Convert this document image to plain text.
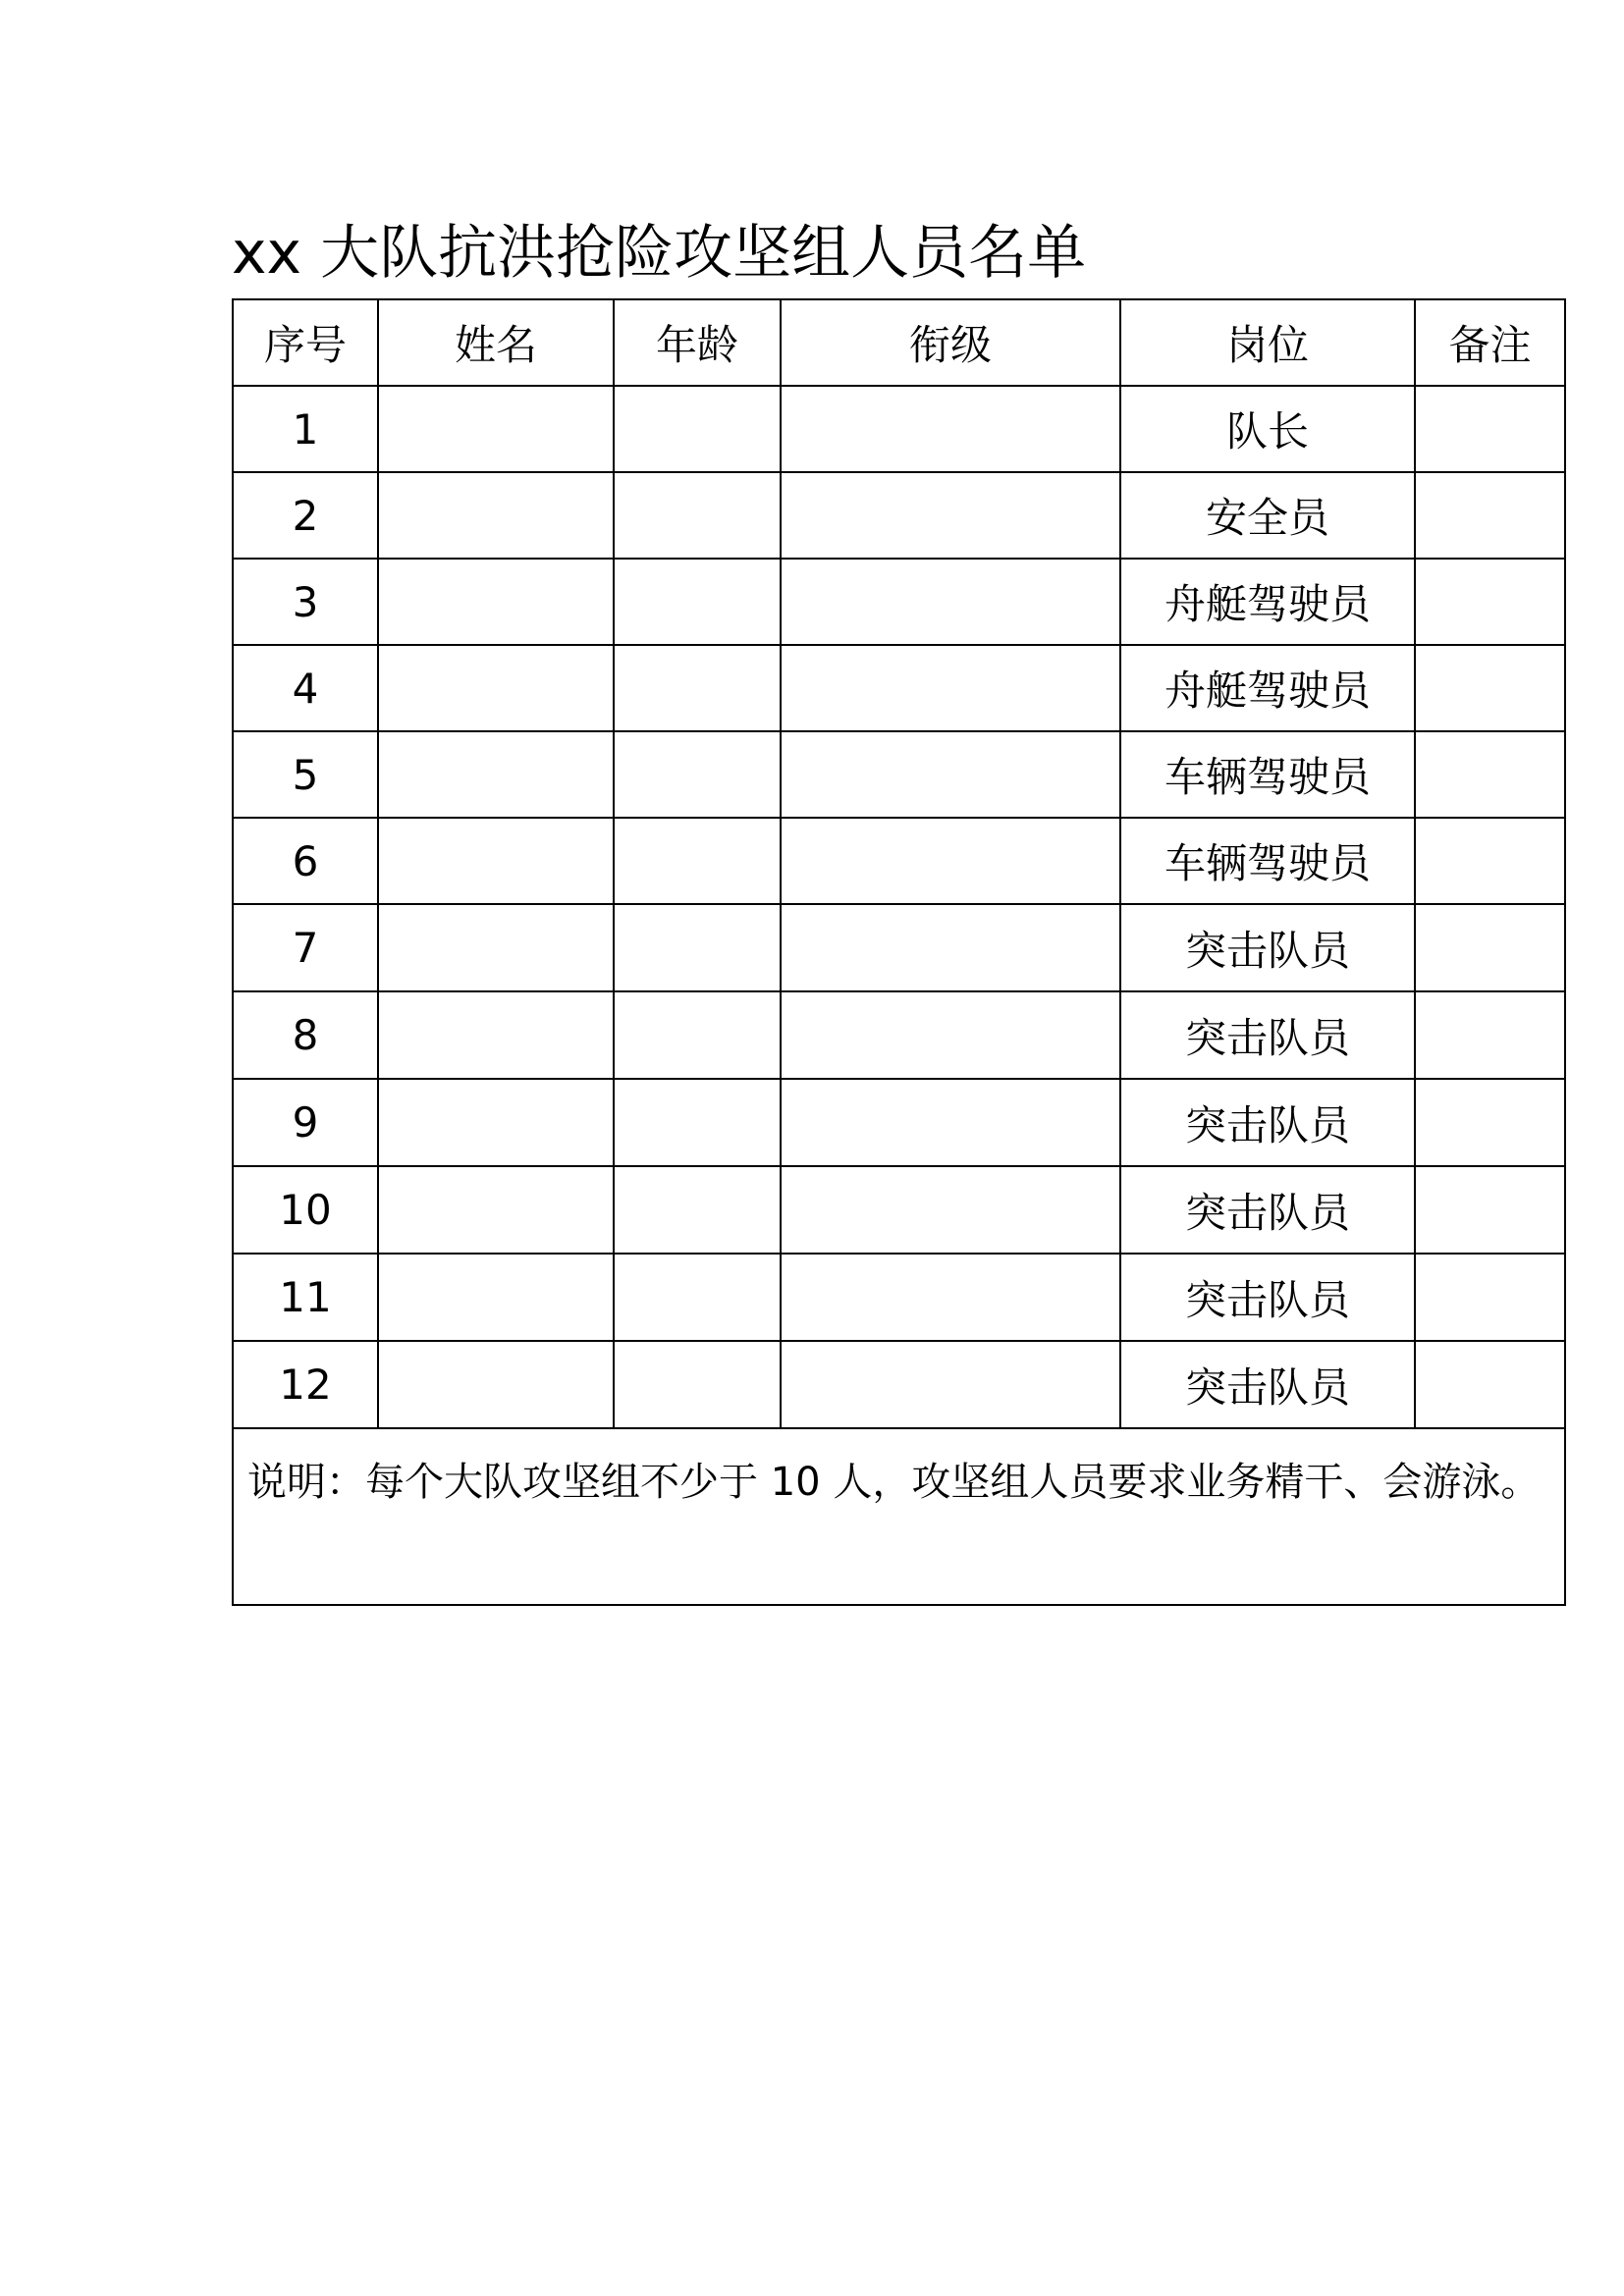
xx 大队抗洪抢险攻坚组人员名单
序号	姓名	年龄	衔级	岗位	备注
1				队长	
2				安全员	
3				舟艇驾驶员	
4				舟艇驾驶员	
5				车辆驾驶员	
6				车辆驾驶员	
7				突击队员	
8				突击队员	
9				突击队员	
10				突击队员	
11				突击队员	
12				突击队员	
说明：每个大队攻坚组不少于 10 人，攻坚组人员要求业务精干、会游泳。					
